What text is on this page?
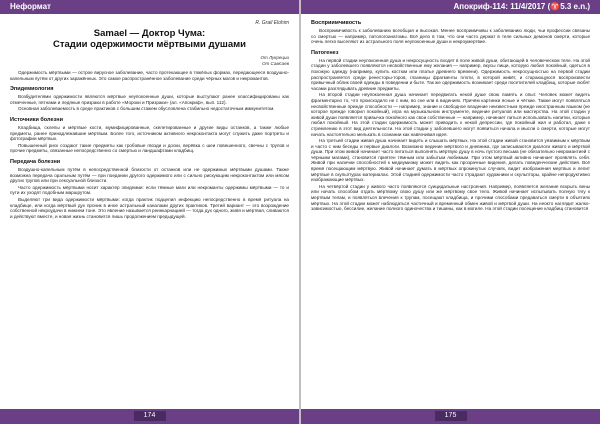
Неформат
R. Grail Elohim
Samael — Доктор Чума:
Стадии одержимости мёртвыми душами
От Лукреции
От Самсаев

Одержимость мёртвыми — острое вирусное заболевание, часто протекающее в тяжёлых формах, передающееся воздушно-капельным путём от других заражённых. Это самое распространённое заболевание среди чёрных магов и некромантов.

Эпидемиология

Возбудителями одержимости являются мёртвые неупокоенные души, которые выступают ранее классифицированы как отмеченные, пятнами и ледяные призраки в работе «Мороки и Призраки» (ал. «Апокриф», вып. 112).

Основная заболеваемость в среде практиков с большим стажем обусловлена стабильно недостаточным иммунитетом.

Источники болезни

Кладбища, склепы и мёртвые кости, мумифицированные, скелетированные и другие виды останков, а также любые предметы, ранее принадлежавшие мёртвым. Более того, источником активного некроконтакта могут служить даже портреты и фотографии мёртвых.

Повышенный риск создают такие предметы как гробовые гвозди и доски, верёвка с шеи повешенного, свечны с трупов и прочие предметы, связанные непосредственно со смертью и ландшафтами кладбищ.

Передача болезни

Воздушно-капельным путём в непосредственной близости от останков или не одержимых мёртвыми душами. Также возможна передача оральным путём — при поедании другого одержимого или с сильно рискующим некроконтактом или мясом других трупов или при сексуальной близости.

Часто одержимость мёртвыми носит характер эпидемии: если тёмные маги или некроманты одержимы мёртвыми — то и пути их уходят подобным маршрутом.

Выделяют три вида одержимости мёртвыми: когда практик подцепил инфекцию непосредственно в время ритуала на кладбище, или когда мёртвый дух проник в иное астральный каналами других практиков. Третий вариант — это возрождение собственной некроудачи в нижнем тоне. Это явление называется реинкарнацией — тогда дух одного, живя и мёртвая, сливаются и действуют вместе, и новая жизнь становится лишь продолжением предыдущей.

174
Апокриф-114: 11/4/2017 (♈5.3 e.n.)
Восприимчивость

Восприимчивость к заболеванию всеобщая и высокая. Менее восприимчивы к заболеванию люди, чьи профессии связаны со смертью — например, патологоанатомы. Всё дело в том, что они часто держат в теле сильных демонов смерти, которые очень легко выселяют из астрального поля неупокоенные души и некроумертвие.

Патогенез

На первой стадии неупокоенная душа и некросущность входят в поле живой души, обитающей в человеческом теле. На этой стадии у заболевшего появляются несвойственные ему желания — например, вкусы пищи, которую любил покойный, одеться в похожую одежду (например, купить костюм или платье древнего времени). Одержимость некросущностью на первой стадии распространяется среди ренесторы-торов, глазницы фрагменты плоти, в которой живёт, и старающуюся воспроизвести привычный облик своей одежды в поведении и быте. Так же одержимость возникает среди посетителей кладбищ, которые любят часами разглядывать древние предметы.

На второй стадии неупокоенная душа начинает передвигать некой душе свою память и опыт. Человек может видеть фрагментарно то, что происходило не с ним, во сне или в видениях. Причём картинки ясные и чёткие. Также могут появляться несвойственные прежде способности — например, знание и свободное владение неизвестным прежде иностранным языком (не которое прежде говорил покойный), игра на музыкальном инструменте, ведение ритуалов или мастерства. На этой стадии у живой души появляется привычка покойного как свои собственные — например, начинает питься использовать напитки, которые любил покойный. На этой стадии одержимость может приводить к некой депрессии, где покойный жил и работал, даже к стремлению в этот вид деятельности. На этой стадии у заболевшего могут появиться начала и мысли о смерти, которые могут начать настоятельно мелькать в сознании как навязчивая идея.

На третьей стадии живая душа начинает видеть и слышать мёртвых. На этой стадии живой становится уязвимым к мёртвым и часто с ним беседы и первые диалоги. Возможно ведение мёртвого и дневника, где записываются диалоги живого и мёртвой души. При этом живой начинает часто питаться выполнять мёртвую душу в ночь пустого весьма (не обязательно некромантией с чёрными магами), становится приятен тёмным или забытым любимым. При этом мёртвый активно начинает проявлять себя. Живой при наличии способностей к медиумизму может видеть как прозрачные видения, делать поведенческие действия. Всё время посещающим мёртвую. Живой начинает думать в мёртвых опрокинутых случаях, видит изображения мертвых и лепит мёртвые в скульптурах материалах. Этой стадией одержимости часто страдают художники и скульпторы, крайне непродуктивно изображающие мёртвых.

На четвёртой стадии у живого часто появляются суицидальные настроения. Например, появляется желание вскрыть вены или начать способом отдать мёртвому свою душу или же мёртвому свое тело. Живой начинает испытывать полную тягу к мертвым телам, и появляться влечения к трупам, посещают кладбища, и прочими способами предаваться смерти в объятиях мёртвых. На этой стадии может наблюдаться частичный и временный обмен живой и мёртвой души. На неокто наглядит жалко-зависимостью, бессилие, желание полного одиночества и тишины, как в могиле. На этой стадии посещение кладбищ становится

175
